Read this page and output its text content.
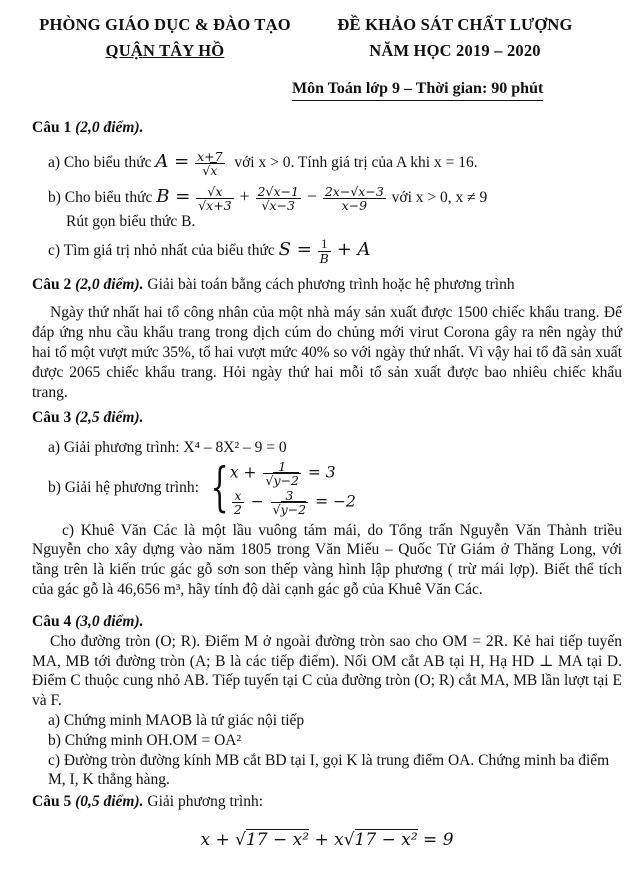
PHÒNG GIÁO DỤC & ĐÀO TẠO
QUẬN TÂY HỒ
ĐỀ KHẢO SÁT CHẤT LƯỢNG
NĂM HỌC 2019 – 2020
Môn Toán lớp 9 – Thời gian: 90 phút
Câu 1 (2,0 điểm).
a) Cho biểu thức $A = \frac{x+7}{√x}$ với x > 0. Tính giá trị của A khi x = 16.
b) Cho biểu thức $B = \frac{√x}{√x+3} + \frac{2√x-1}{√x-3} - \frac{2x-√x-3}{x-9}$ với x > 0, x ≠ 9
Rút gọn biểu thức B.
c) Tìm giá trị nhỏ nhất của biểu thức $S = \frac{1}{B} + A$
Câu 2 (2,0 điểm). Giải bài toán bằng cách phương trình hoặc hệ phương trình
Ngày thứ nhất hai tổ công nhân của một nhà máy sản xuất được 1500 chiếc khẩu trang. Để đáp ứng nhu cầu khẩu trang trong dịch cúm do chủng mới virut Corona gây ra nên ngày thứ hai tổ một vượt mức 35%, tổ hai vượt mức 40% so với ngày thứ nhất. Vì vậy hai tổ đã sản xuất được 2065 chiếc khẩu trang. Hỏi ngày thứ hai mỗi tổ sản xuất được bao nhiêu chiếc khẩu trang.
Câu 3 (2,5 điểm).
a) Giải phương trình: X⁴ – 8X² – 9 = 0
b) Giải hệ phương trình: { $x + \frac{1}{√y-2} = 3$
$\frac{x}{2} - \frac{3}{√y-2} = -2$
c) Khuê Văn Các là một lầu vuông tám mái, do Tổng trấn Nguyễn Văn Thành triều Nguyễn cho xây dựng vào năm 1805 trong Văn Miếu – Quốc Tử Giám ở Thăng Long, với tầng trên là kiến trúc gác gỗ sơn son thếp vàng hình lập phương ( trừ mái lợp). Biết thể tích của gác gỗ là 46,656 m³, hãy tính độ dài cạnh gác gỗ của Khuê Văn Các.
Câu 4 (3,0 điểm).
Cho đường tròn (O; R). Điểm M ở ngoài đường tròn sao cho OM = 2R. Kẻ hai tiếp tuyến MA, MB tới đường tròn (A; B là các tiếp điểm). Nối OM cắt AB tại H, Hạ HD ⊥ MA tại D. Điểm C thuộc cung nhỏ AB. Tiếp tuyến tại C của đường tròn (O; R) cắt MA, MB lần lượt tại E và F.
a) Chứng minh MAOB là tứ giác nội tiếp
b) Chứng minh OH.OM = OA²
c) Đường tròn đường kính MB cắt BD tại I, gọi K là trung điểm OA. Chứng minh ba điểm M, I, K thẳng hàng.
Câu 5 (0,5 điểm). Giải phương trình:
x + √17 − x² + x√17 − x² = 9
